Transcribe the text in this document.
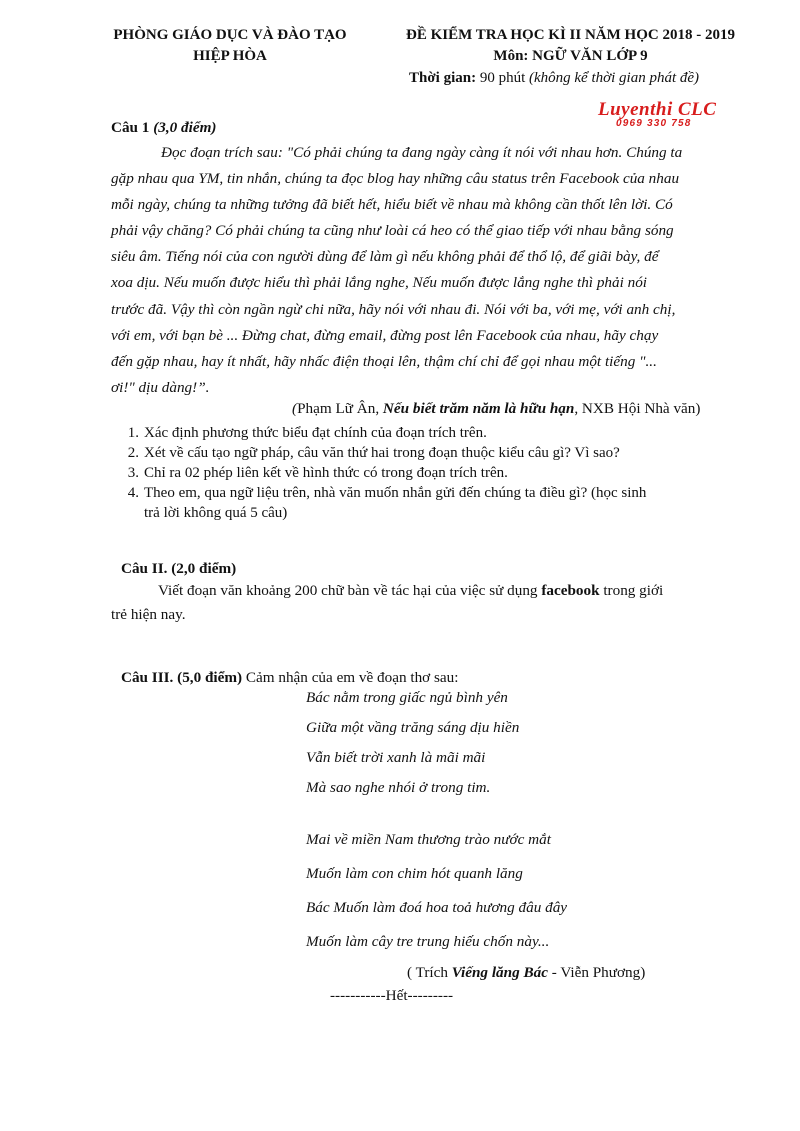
PHÒNG GIÁO DỤC VÀ ĐÀO TẠO
HIỆP HÒA
ĐỀ KIỂM TRA HỌC KÌ II NĂM HỌC 2018 - 2019
Môn: NGỮ VĂN LỚP 9
Thời gian: 90 phút (không kể thời gian phát đề)
Luyenthi CLC
0969 330 758
Câu 1 (3,0 điểm)
Đọc đoạn trích sau: "Có phải chúng ta đang ngày càng ít nói với nhau hơn. Chúng ta
gặp nhau qua YM, tin nhắn, chúng ta đọc blog hay những câu status trên Facebook của nhau
mỗi ngày, chúng ta những tưởng đã biết hết, hiểu biết về nhau mà không cần thốt lên lời. Có
phải vậy chăng? Có phải chúng ta cũng như loài cá heo có thể giao tiếp với nhau bằng sóng
siêu âm. Tiếng nói của con người dùng để làm gì nếu không phải để thổ lộ, để giãi bày, để
xoa dịu. Nếu muốn được hiểu thì phải lắng nghe, Nếu muốn được lắng nghe thì phải nói
trước đã. Vậy thì còn ngần ngừ chi nữa, hãy nói với nhau đi. Nói với ba, với mẹ, với anh chị,
với em, với bạn bè ... Đừng chat, đừng email, đừng post lên Facebook của nhau, hãy chạy
đến gặp nhau, hay ít nhất, hãy nhấc điện thoại lên, thậm chí chỉ để gọi nhau một tiếng "...
ơi!" dịu dàng!”.
(Phạm Lữ Ân, Nếu biết trăm năm là hữu hạn, NXB Hội Nhà văn)
1. Xác định phương thức biểu đạt chính của đoạn trích trên.
2. Xét về cấu tạo ngữ pháp, câu văn thứ hai trong đoạn thuộc kiểu câu gì? Vì sao?
3. Chỉ ra 02 phép liên kết về hình thức có trong đoạn trích trên.
4. Theo em, qua ngữ liệu trên, nhà văn muốn nhắn gửi đến chúng ta điều gì? (học sinh
trả lời không quá 5 câu)
Câu II. (2,0 điểm)
Viết đoạn văn khoảng 200 chữ bàn về tác hại của việc sử dụng facebook trong giới
trẻ hiện nay.
Câu III. (5,0 điểm) Cảm nhận của em về đoạn thơ sau:
Bác nằm trong giấc ngủ bình yên
Giữa một vầng trăng sáng dịu hiền
Vẫn biết trời xanh là mãi mãi
Mà sao nghe nhói ở trong tim.
Mai về miền Nam thương trào nước mắt
Muốn làm con chim hót quanh lăng
Bác Muốn làm đoá hoa toả hương đâu đây
Muốn làm cây tre trung hiếu chốn này...
( Trích Viếng lăng Bác - Viễn Phương)
-----------Hết---------
